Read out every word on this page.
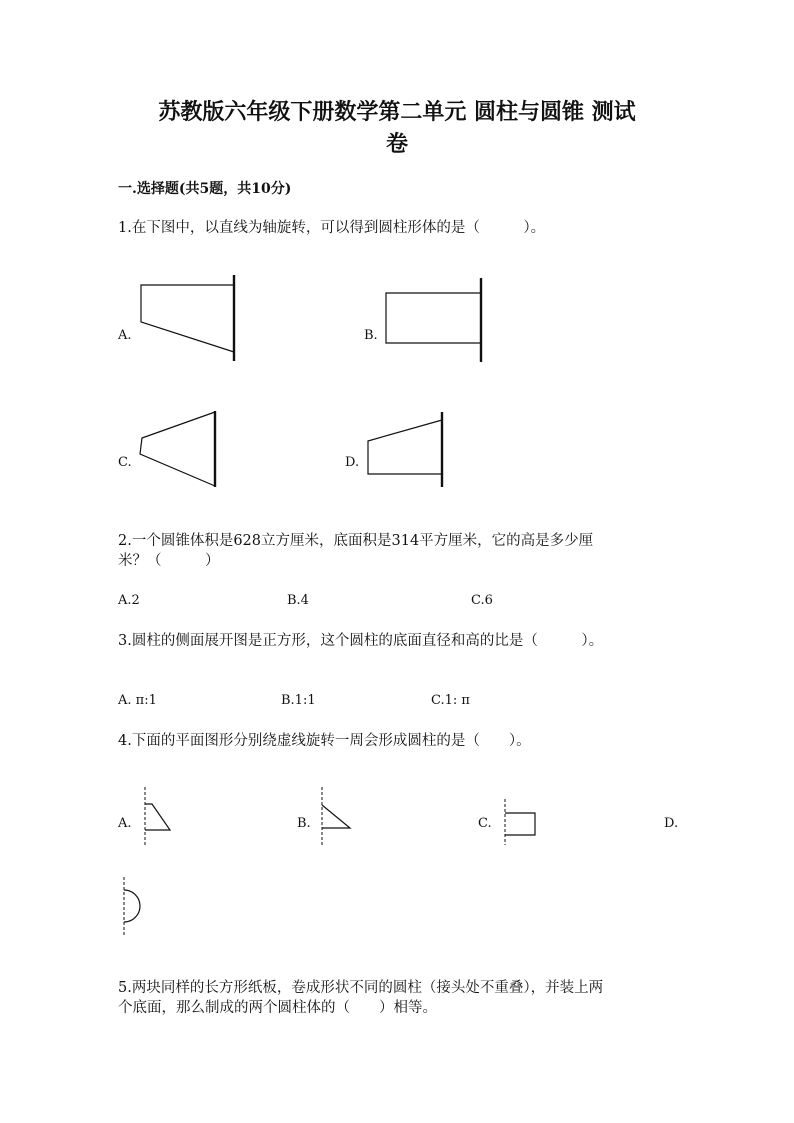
苏教版六年级下册数学第二单元 圆柱与圆锥 测试
卷
一.选择题(共5题，共10分)
1.在下图中，以直线为轴旋转，可以得到圆柱形体的是（　　　）。
A.	B.
C.	D.
2.一个圆锥体积是628立方厘米，底面积是314平方厘米，它的高是多少厘
米？（　　　）
A.2	B.4	C.6
3.圆柱的侧面展开图是正方形，这个圆柱的底面直径和高的比是（　　　）。
A. π:1	B.1:1	C.1: π
4.下面的平面图形分别绕虚线旋转一周会形成圆柱的是（　　）。
A.	B.	C.	D.
5.两块同样的长方形纸板，卷成形状不同的圆柱（接头处不重叠），并装上两
个底面，那么制成的两个圆柱体的（　　）相等。
